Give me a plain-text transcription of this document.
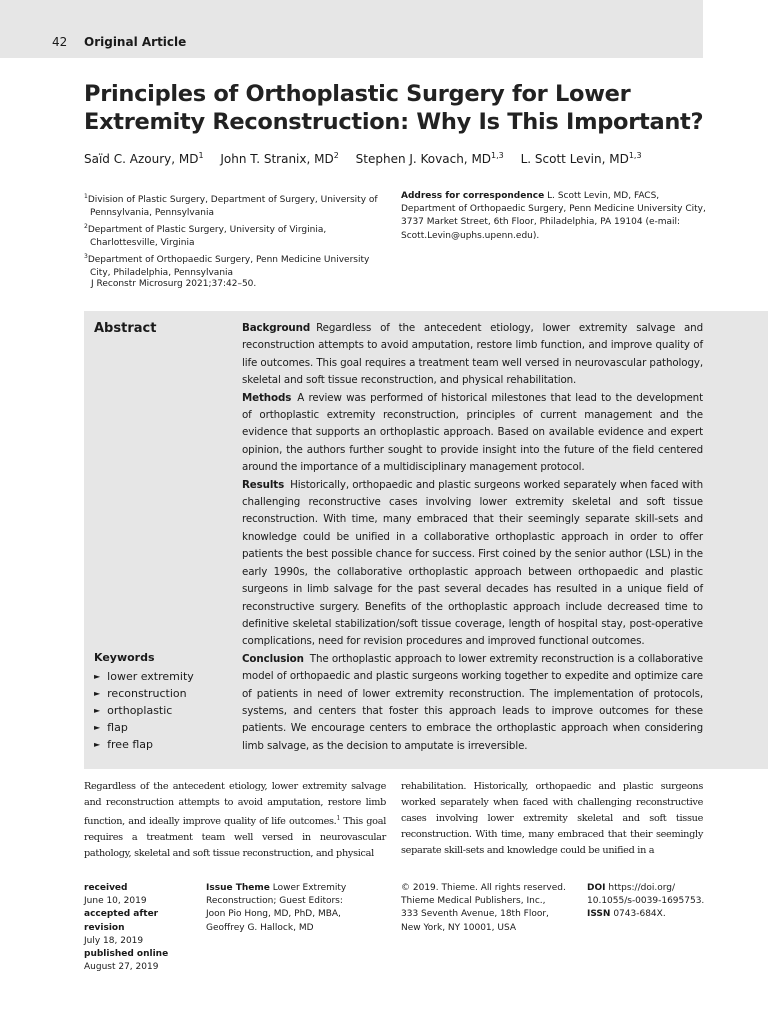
42 Original Article
Principles of Orthoplastic Surgery for Lower Extremity Reconstruction: Why Is This Important?
Saïd C. Azoury, $MD^1$ John T. Stranix, $MD^2$ Stephen J. Kovach, MD$^{1,3}$ L. Scott Levin, MD$^{1,3}$
$^1$Division of Plastic Surgery, Department of Surgery, University of Pennsylvania, Pennsylvania
$^2$Department of Plastic Surgery, University of Virginia, Charlottesville, Virginia
$^3$Department of Orthopaedic Surgery, Penn Medicine University City, Philadelphia, Pennsylvania
Address for correspondence L. Scott Levin, MD, FACS, Department of Orthopaedic Surgery, Penn Medicine University City, 3737 Market Street, 6th Floor, Philadelphia, PA 19104 (e-mail: Scott.Levin@uphs.upenn.edu).
J Reconstr Microsurg 2021;37:42–50.
Abstract	Background Regardless of the antecedent etiology, lower extremity salvage and reconstruction attempts to avoid amputation, restore limb function, and improve quality of life outcomes. This goal requires a treatment team well versed in neurovascular pathology, skeletal and soft tissue reconstruction, and physical rehabilitation.

Methods A review was performed of historical milestones that lead to the development of orthoplastic extremity reconstruction, principles of current management and the evidence that supports an orthoplastic approach. Based on available evidence and expert opinion, the authors further sought to provide insight into the future of the field centered around the importance of a multidisciplinary management protocol.

Results Historically, orthopaedic and plastic surgeons worked separately when faced with challenging reconstructive cases involving lower extremity skeletal and soft tissue reconstruction. With time, many embraced that their seemingly separate skill-sets and knowledge could be unified in a collaborative orthoplastic approach in order to offer patients the best possible chance for success. First coined by the senior author (LSL) in the early 1990s, the collaborative orthoplastic approach between orthopaedic and plastic surgeons in limb salvage for the past several decades has resulted in a unique field of reconstructive surgery. Benefits of the orthoplastic approach include decreased time to definitive skeletal stabilization/soft tissue coverage, length of hospital stay, post-operative complications, need for revision procedures and improved functional outcomes.

Conclusion The orthoplastic approach to lower extremity reconstruction is a collaborative model of orthopaedic and plastic surgeons working together to expedite and optimize care of patients in need of lower extremity reconstruction. The implementation of protocols, systems, and centers that foster this approach leads to improve outcomes for these patients. We encourage centers to embrace the orthoplastic approach when considering limb salvage, as the decision to amputate is irreversible.

Keywords
► lower extremity
► reconstruction
► orthoplastic
► flap
► free flap

Regardless of the antecedent etiology, lower extremity salvage and reconstruction attempts to avoid amputation, restore limb function, and ideally improve quality of life outcomes.$^1$ This goal requires a treatment team well versed in neurovascular pathology, skeletal and soft tissue reconstruction, and physical

rehabilitation. Historically, orthopaedic and plastic surgeons worked separately when faced with challenging reconstructive cases involving lower extremity skeletal and soft tissue reconstruction. With time, many embraced that their seemingly separate skill-sets and knowledge could be unified in a

received
June 10, 2019
accepted after revision
July 18, 2019
published online
August 27, 2019
Issue Theme Lower Extremity
Reconstruction; Guest Editors:
Joon Pio Hong, MD, PhD, MBA,
Geoffrey G. Hallock, MD
© 2019. Thieme. All rights reserved.
Thieme Medical Publishers, Inc.,
333 Seventh Avenue, 18th Floor,
New York, NY 10001, USA
DOI https://doi.org/
10.1055/s-0039-1695753.
ISSN 0743-684X.
